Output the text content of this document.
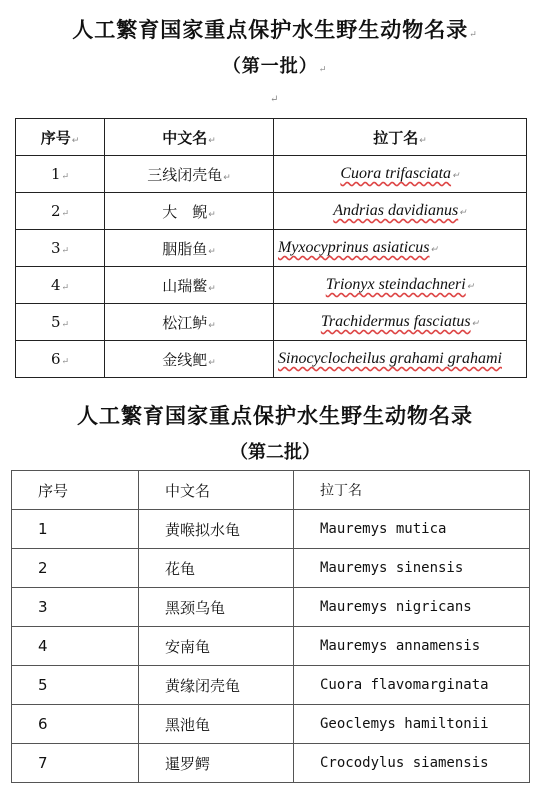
人工繁育国家重点保护水生野生动物名录↵
（第一批）↵
↵
序号↵	中文名↵	拉丁名↵
1↵	三线闭壳龟↵	Cuora trifasciata↵
2↵	大　鲵↵	Andrias davidianus↵
3↵	胭脂鱼↵	Myxocyprinus asiaticus↵
4↵	山瑞鳖↵	Trionyx steindachneri↵
5↵	松江鲈↵	Trachidermus fasciatus↵
6↵	金线鲃↵	Sinocyclocheilus grahami grahami
人工繁育国家重点保护水生野生动物名录
（第二批）
序号	中文名	拉丁名
1	黄喉拟水龟	Mauremys mutica
2	花龟	Mauremys sinensis
3	黑颈乌龟	Mauremys nigricans
4	安南龟	Mauremys annamensis
5	黄缘闭壳龟	Cuora flavomarginata
6	黑池龟	Geoclemys hamiltonii
7	暹罗鳄	Crocodylus siamensis
